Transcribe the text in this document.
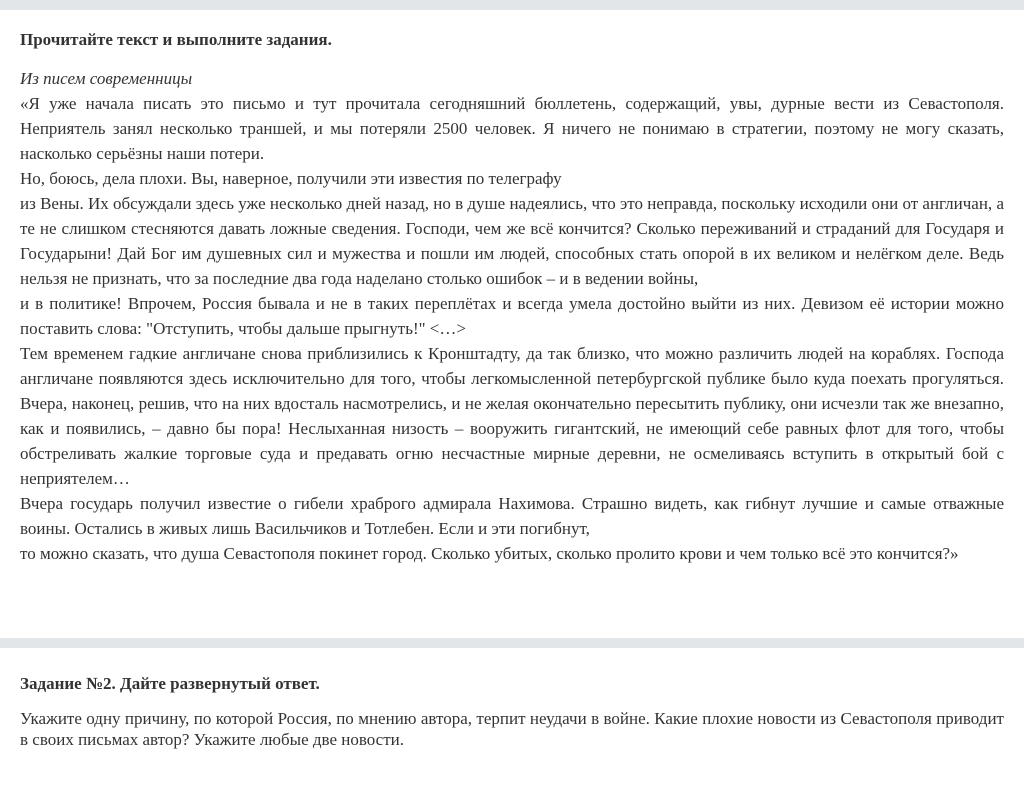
Прочитайте текст и выполните задания.
Из писем современницы
«Я уже начала писать это письмо и тут прочитала сегодняшний бюллетень, содержащий, увы, дурные вести из Севастополя. Неприятель занял несколько траншей, и мы потеряли 2500 человек. Я ничего не понимаю в стратегии, поэтому не могу сказать, насколько серьёзны наши потери.
Но, боюсь, дела плохи. Вы, наверное, получили эти известия по телеграфу
из Вены. Их обсуждали здесь уже несколько дней назад, но в душе надеялись, что это неправда, поскольку исходили они от англичан, а те не слишком стесняются давать ложные сведения. Господи, чем же всё кончится? Сколько переживаний и страданий для Государя и Государыни! Дай Бог им душевных сил и мужества и пошли им людей, способных стать опорой в их великом и нелёгком деле. Ведь нельзя не признать, что за последние два года наделано столько ошибок – и в ведении войны,
и в политике! Впрочем, Россия бывала и не в таких переплётах и всегда умела достойно выйти из них. Девизом её истории можно поставить слова: "Отступить, чтобы дальше прыгнуть!" <…>
Тем временем гадкие англичане снова приблизились к Кронштадту, да так близко, что можно различить людей на кораблях. Господа англичане появляются здесь исключительно для того, чтобы легкомысленной петербургской публике было куда поехать прогуляться. Вчера, наконец, решив, что на них вдосталь насмотрелись, и не желая окончательно пересытить публику, они исчезли так же внезапно, как и появились, – давно бы пора! Неслыханная низость – вооружить гигантский, не имеющий себе равных флот для того, чтобы обстреливать жалкие торговые суда и предавать огню несчастные мирные деревни, не осмеливаясь вступить в открытый бой с неприятелем…
Вчера государь получил известие о гибели храброго адмирала Нахимова. Страшно видеть, как гибнут лучшие и самые отважные воины. Остались в живых лишь Васильчиков и Тотлебен. Если и эти погибнут,
то можно сказать, что душа Севастополя покинет город. Сколько убитых, сколько пролито крови и чем только всё это кончится?»
Задание №2. Дайте развернутый ответ.
Укажите одну причину, по которой Россия, по мнению автора, терпит неудачи в войне. Какие плохие новости из Севастополя приводит в своих письмах автор? Укажите любые две новости.
